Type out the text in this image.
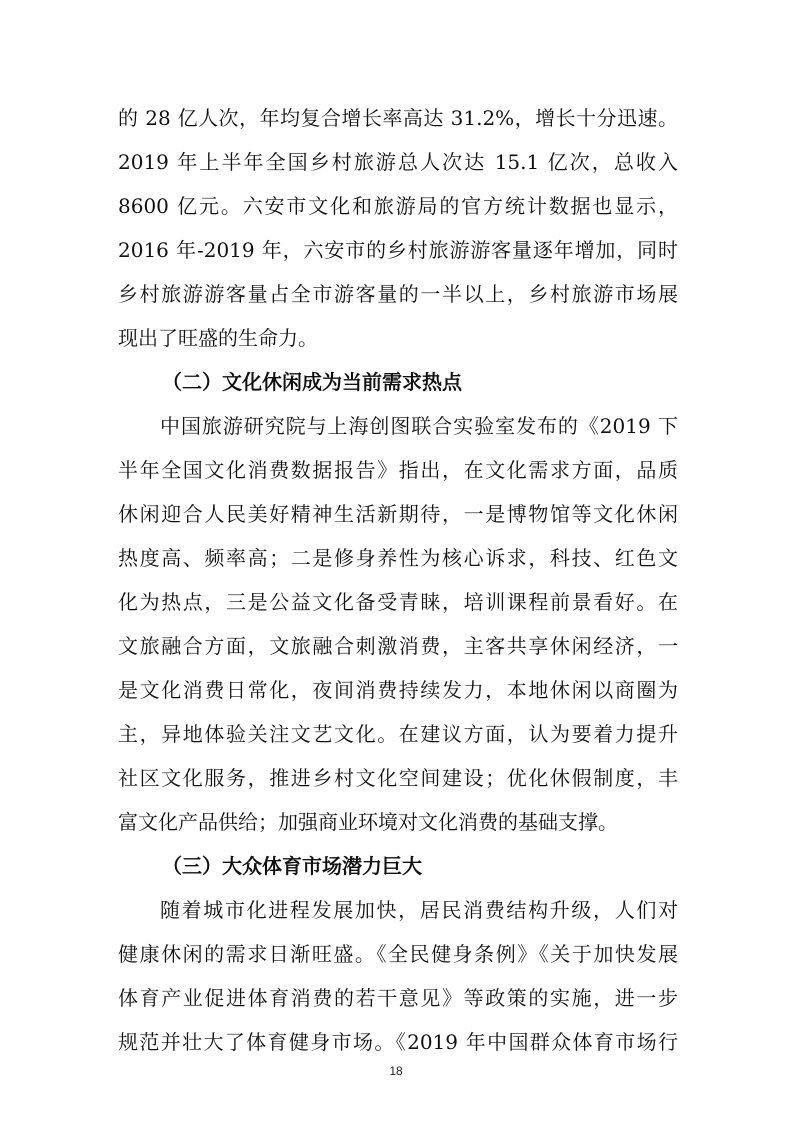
的 28 亿人次，年均复合增长率高达 31.2%，增长十分迅速。
2019 年上半年全国乡村旅游总人次达 15.1 亿次，总收入
8600 亿元。六安市文化和旅游局的官方统计数据也显示，
2016 年-2019 年，六安市的乡村旅游游客量逐年增加，同时
乡村旅游游客量占全市游客量的一半以上，乡村旅游市场展
现出了旺盛的生命力。
（二）文化休闲成为当前需求热点
中国旅游研究院与上海创图联合实验室发布的《2019 下
半年全国文化消费数据报告》指出，在文化需求方面，品质
休闲迎合人民美好精神生活新期待，一是博物馆等文化休闲
热度高、频率高；二是修身养性为核心诉求，科技、红色文
化为热点，三是公益文化备受青睐，培训课程前景看好。在
文旅融合方面，文旅融合刺激消费，主客共享休闲经济，一
是文化消费日常化，夜间消费持续发力，本地休闲以商圈为
主，异地体验关注文艺文化。在建议方面，认为要着力提升
社区文化服务，推进乡村文化空间建设；优化休假制度，丰
富文化产品供给；加强商业环境对文化消费的基础支撑。
（三）大众体育市场潜力巨大
随着城市化进程发展加快，居民消费结构升级，人们对
健康休闲的需求日渐旺盛。《全民健身条例》《关于加快发展
体育产业促进体育消费的若干意见》等政策的实施，进一步
规范并壮大了体育健身市场。《2019 年中国群众体育市场行
18
